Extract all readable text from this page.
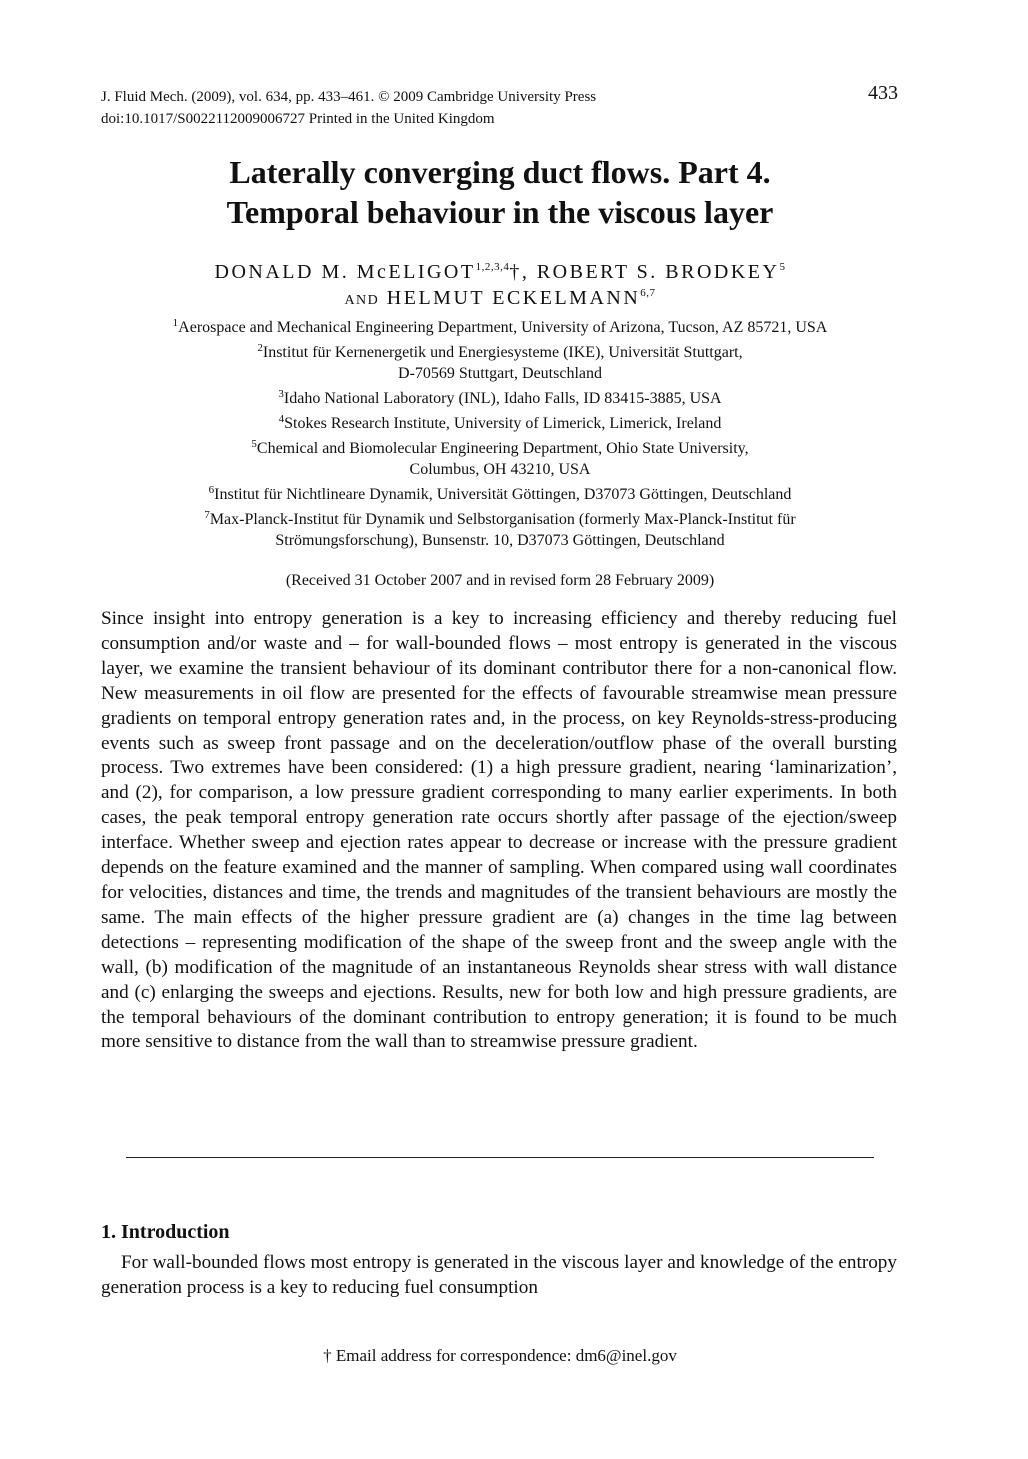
J. Fluid Mech. (2009), vol. 634, pp. 433–461. © 2009 Cambridge University Press
doi:10.1017/S0022112009006727 Printed in the United Kingdom
433
Laterally converging duct flows. Part 4.
Temporal behaviour in the viscous layer
DONALD M. McELIGOT$^{1,2,3,4}$†, ROBERT S. BRODKEY$^5$
AND HELMUT ECKELMANN$^{6,7}$

$^1$Aerospace and Mechanical Engineering Department, University of Arizona, Tucson, AZ 85721, USA

$^2$Institut für Kernenergetik und Energiesysteme (IKE), Universität Stuttgart,
D-70569 Stuttgart, Deutschland

$^3$Idaho National Laboratory (INL), Idaho Falls, ID 83415-3885, USA

$^4$Stokes Research Institute, University of Limerick, Limerick, Ireland

$^5$Chemical and Biomolecular Engineering Department, Ohio State University,
Columbus, OH 43210, USA

$^6$Institut für Nichtlineare Dynamik, Universität Göttingen, D37073 Göttingen, Deutschland

$^7$Max-Planck-Institut für Dynamik und Selbstorganisation (formerly Max-Planck-Institut für
Strömungsforschung), Bunsenstr. 10, D37073 Göttingen, Deutschland

(Received 31 October 2007 and in revised form 28 February 2009)

Since insight into entropy generation is a key to increasing efficiency and thereby reducing fuel consumption and/or waste and – for wall-bounded flows – most entropy is generated in the viscous layer, we examine the transient behaviour of its dominant contributor there for a non-canonical flow. New measurements in oil flow are presented for the effects of favourable streamwise mean pressure gradients on temporal entropy generation rates and, in the process, on key Reynolds-stress-producing events such as sweep front passage and on the deceleration/outflow phase of the overall bursting process. Two extremes have been considered: (1) a high pressure gradient, nearing ‘laminarization’, and (2), for comparison, a low pressure gradient corresponding to many earlier experiments. In both cases, the peak temporal entropy generation rate occurs shortly after passage of the ejection/sweep interface. Whether sweep and ejection rates appear to decrease or increase with the pressure gradient depends on the feature examined and the manner of sampling. When compared using wall coordinates for velocities, distances and time, the trends and magnitudes of the transient behaviours are mostly the same. The main effects of the higher pressure gradient are (a) changes in the time lag between detections – representing modification of the shape of the sweep front and the sweep angle with the wall, (b) modification of the magnitude of an instantaneous Reynolds shear stress with wall distance and (c) enlarging the sweeps and ejections. Results, new for both low and high pressure gradients, are the temporal behaviours of the dominant contribution to entropy generation; it is found to be much more sensitive to distance from the wall than to streamwise pressure gradient.

1. Introduction

For wall-bounded flows most entropy is generated in the viscous layer and knowledge of the entropy generation process is a key to reducing fuel consumption

† Email address for correspondence: dm6@inel.gov
